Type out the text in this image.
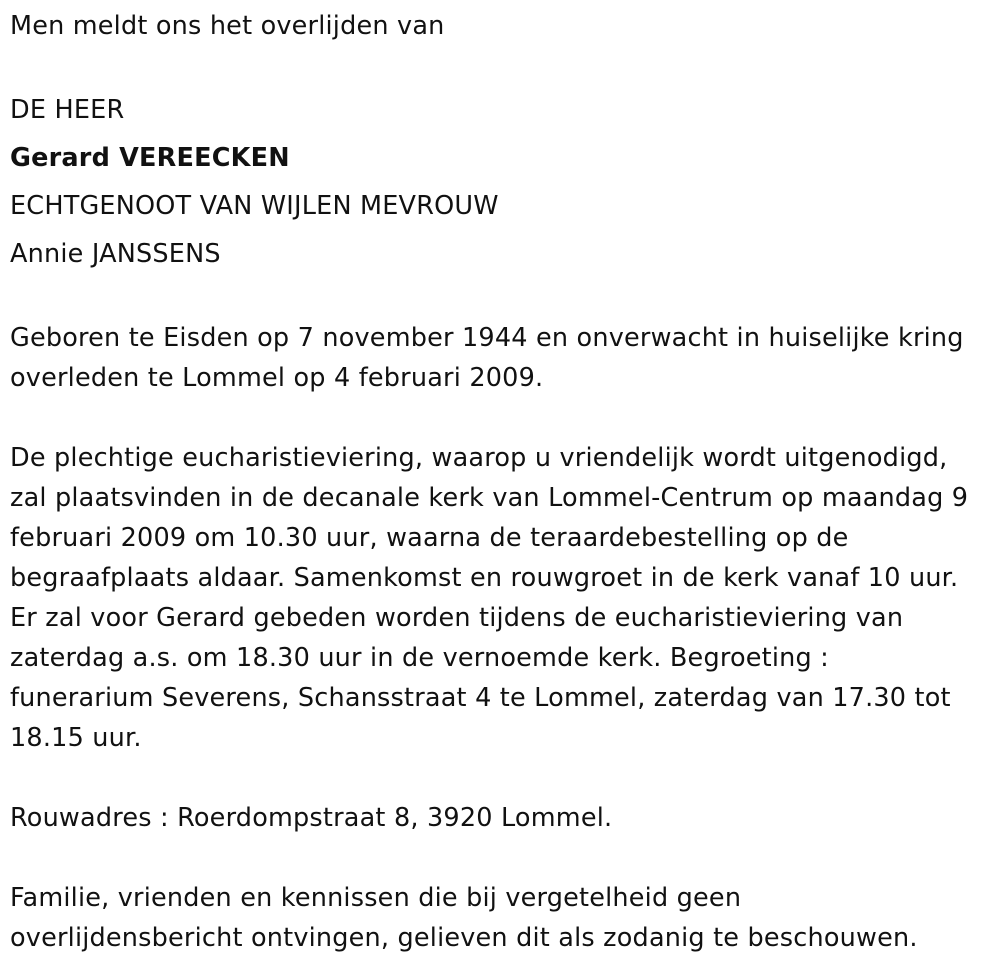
Men meldt ons het overlijden van

DE HEER

Gerard VEREECKEN

ECHTGENOOT VAN WIJLEN MEVROUW

Annie JANSSENS

Geboren te Eisden op 7 november 1944 en onverwacht in huiselijke kring

overleden te Lommel op 4 februari 2009.

De plechtige eucharistieviering, waarop u vriendelijk wordt uitgenodigd,

zal plaatsvinden in de decanale kerk van Lommel-Centrum op maandag 9

februari 2009 om 10.30 uur, waarna de teraardebestelling op de

begraafplaats aldaar. Samenkomst en rouwgroet in de kerk vanaf 10 uur.

Er zal voor Gerard gebeden worden tijdens de eucharistieviering van

zaterdag a.s. om 18.30 uur in de vernoemde kerk. Begroeting :

funerarium Severens, Schansstraat 4 te Lommel, zaterdag van 17.30 tot

18.15 uur.

Rouwadres : Roerdompstraat 8, 3920 Lommel.

Familie, vrienden en kennissen die bij vergetelheid geen

overlijdensbericht ontvingen, gelieven dit als zodanig te beschouwen.
